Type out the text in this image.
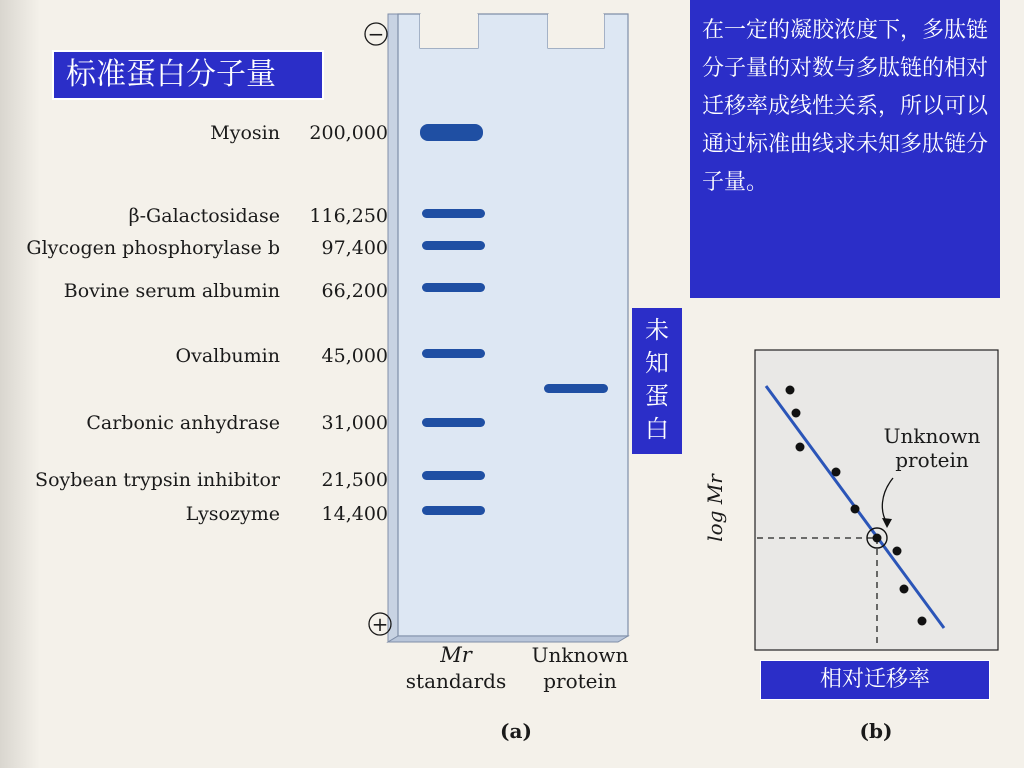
−
+
Mr
standards
Unknown
protein
(a)
Unknown
protein
log Mr
(b)
Myosin 200,000
β-Galactosidase 116,250
Glycogen phosphorylase b 97,400
Bovine serum albumin 66,200
Ovalbumin 45,000
Carbonic anhydrase 31,000
Soybean trypsin inhibitor 21,500
Lysozyme 14,400
标准蛋白分子量
在一定的凝胶浓度下，多肽链分子量的对数与多肽链的相对迁移率成线性关系，所以可以通过标准曲线求未知多肽链分子量。
未
知
蛋
白
相对迁移率
